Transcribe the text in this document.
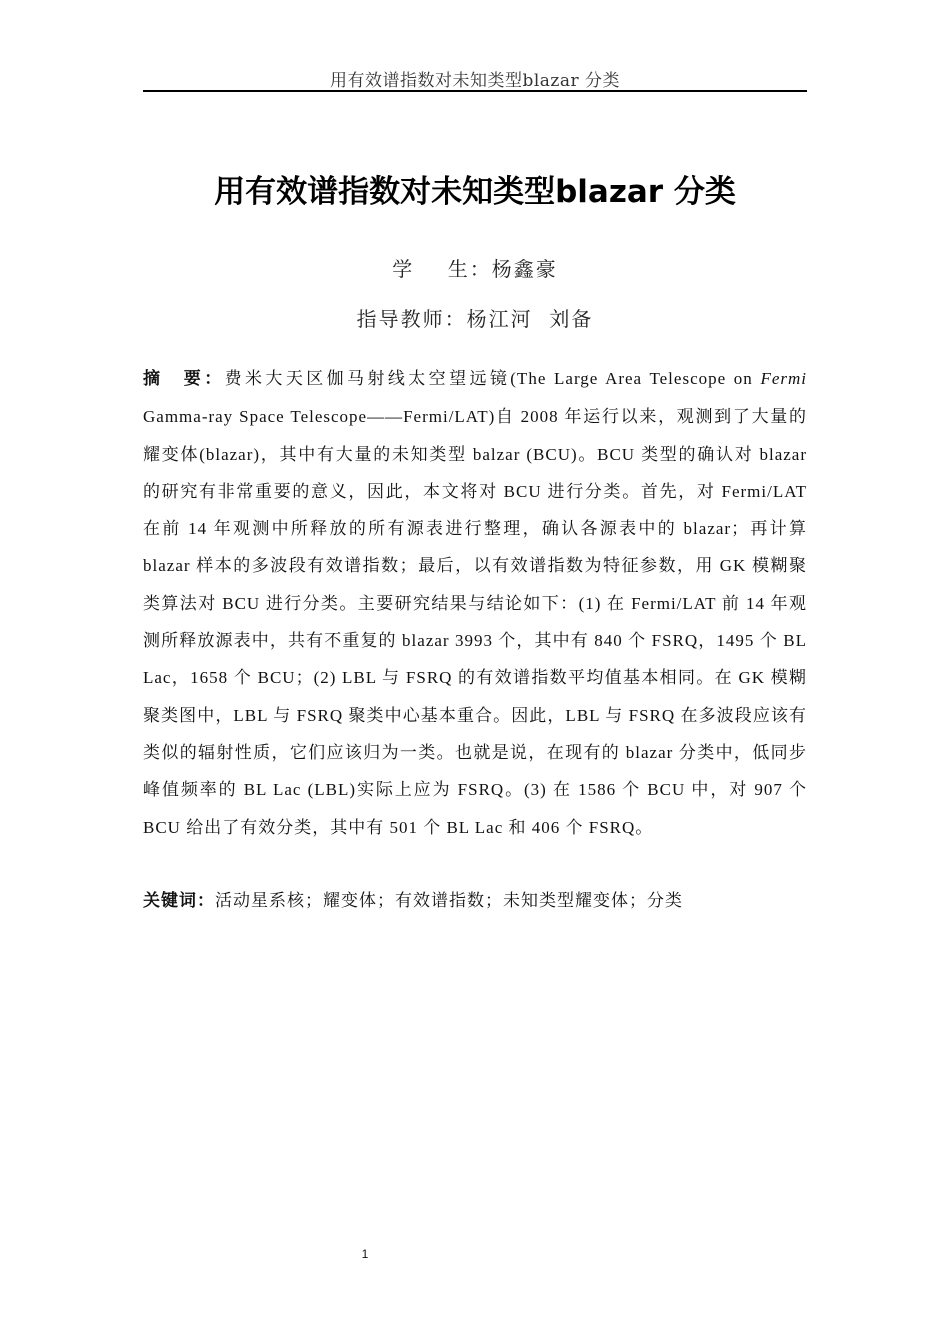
用有效谱指数对未知类型blazar 分类
用有效谱指数对未知类型blazar 分类
学    生：杨鑫豪
指导教师：杨江河  刘备
摘　要：费米大天区伽马射线太空望远镜(The Large Area Telescope on Fermi Gamma-ray Space Telescope——Fermi/LAT)自 2008 年运行以来，观测到了大量的耀变体(blazar)，其中有大量的未知类型 balzar (BCU)。BCU 类型的确认对 blazar 的研究有非常重要的意义，因此，本文将对 BCU 进行分类。首先，对 Fermi/LAT 在前 14 年观测中所释放的所有源表进行整理，确认各源表中的 blazar；再计算 blazar 样本的多波段有效谱指数；最后，以有效谱指数为特征参数，用 GK 模糊聚类算法对 BCU 进行分类。主要研究结果与结论如下：(1) 在 Fermi/LAT 前 14 年观测所释放源表中，共有不重复的 blazar 3993 个，其中有 840 个 FSRQ，1495 个 BL Lac，1658 个 BCU；(2) LBL 与 FSRQ 的有效谱指数平均值基本相同。在 GK 模糊聚类图中，LBL 与 FSRQ 聚类中心基本重合。因此，LBL 与 FSRQ 在多波段应该有类似的辐射性质，它们应该归为一类。也就是说，在现有的 blazar 分类中，低同步峰值频率的 BL Lac (LBL)实际上应为 FSRQ。(3) 在 1586 个 BCU 中，对 907 个 BCU 给出了有效分类，其中有 501 个 BL Lac 和 406 个 FSRQ。
关键词：活动星系核；耀变体；有效谱指数；未知类型耀变体；分类
1
